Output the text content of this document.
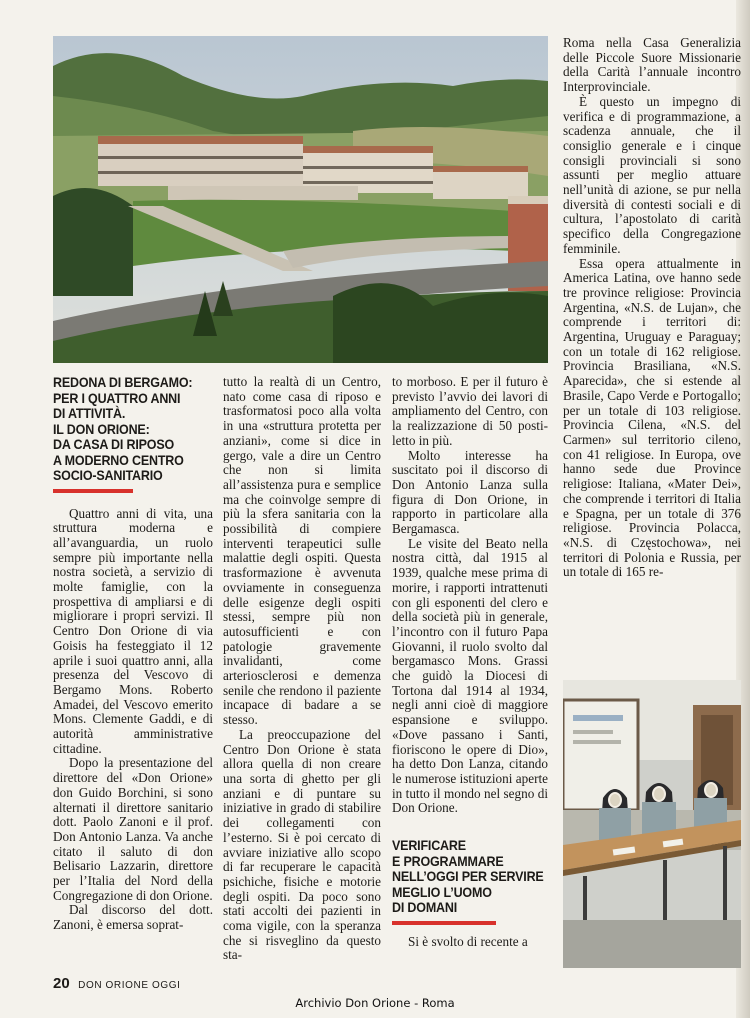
REDONA DI BERGAMO:
PER I QUATTRO ANNI
DI ATTIVITÀ.
IL DON ORIONE:
DA CASA DI RIPOSO
A MODERNO CENTRO
SOCIO-SANITARIO

Quattro anni di vita, una struttura moderna e all’avanguardia, un ruolo sempre più importante nella nostra società, a servizio di molte famiglie, con la prospettiva di ampliarsi e di migliorare i propri servizi. Il Centro Don Orione di via Goisis ha festeggiato il 12 aprile i suoi quattro anni, alla presenza del Vescovo di Bergamo Mons. Roberto Amadei, del Vescovo emerito Mons. Clemente Gaddi, e di autorità amministrative cittadine.

Dopo la presentazione del direttore del «Don Orione» don Guido Borchini, si sono alternati il direttore sanitario dott. Paolo Zanoni e il prof. Don Antonio Lanza. Va anche citato il saluto di don Belisario Lazzarin, direttore per l’Italia del Nord della Congregazione di don Orione.

Dal discorso del dott. Zanoni, è emersa soprat-

tutto la realtà di un Centro, nato come casa di riposo e trasformatosi poco alla volta in una «struttura protetta per anziani», come si dice in gergo, vale a dire un Centro che non si limita all’assistenza pura e semplice ma che coinvolge sempre di più la sfera sanitaria con la possibilità di compiere interventi terapeutici sulle malattie degli ospiti. Questa trasformazione è avvenuta ovviamente in conseguenza delle esigenze degli ospiti stessi, sempre più non autosufficienti e con patologie gravemente invalidanti, come arteriosclerosi e demenza senile che rendono il paziente incapace di badare a se stesso.

La preoccupazione del Centro Don Orione è stata allora quella di non creare una sorta di ghetto per gli anziani e di puntare su iniziative in grado di stabilire dei collegamenti con l’esterno. Si è poi cercato di avviare iniziative allo scopo di far recuperare le capacità psichiche, fisiche e motorie degli ospiti. Da poco sono stati accolti dei pazienti in coma vigile, con la speranza che si risveglino da questo sta-

to morboso. E per il futuro è previsto l’avvio dei lavori di ampliamento del Centro, con la realizzazione di 50 posti-letto in più.

Molto interesse ha suscitato poi il discorso di Don Antonio Lanza sulla figura di Don Orione, in rapporto in particolare alla Bergamasca.

Le visite del Beato nella nostra città, dal 1915 al 1939, qualche mese prima di morire, i rapporti intrattenuti con gli esponenti del clero e della società più in generale, l’incontro con il futuro Papa Giovanni, il ruolo svolto dal bergamasco Mons. Grassi che guidò la Diocesi di Tortona dal 1914 al 1934, negli anni cioè di maggiore espansione e sviluppo. «Dove passano i Santi, fioriscono le opere di Dio», ha detto Don Lanza, citando le numerose istituzioni aperte in tutto il mondo nel segno di Don Orione.

VERIFICARE
E PROGRAMMARE
NELL’OGGI PER SERVIRE
MEGLIO L’UOMO
DI DOMANI

Si è svolto di recente a

Roma nella Casa Generalizia delle Piccole Suore Missionarie della Carità l’annuale incontro Interprovinciale.

È questo un impegno di verifica e di programmazione, a scadenza annuale, che il consiglio generale e i cinque consigli provinciali si sono assunti per meglio attuare nell’unità di azione, se pur nella diversità di contesti sociali e di cultura, l’apostolato di carità specifico della Congregazione femminile.

Essa opera attualmente in America Latina, ove hanno sede tre province religiose: Provincia Argentina, «N.S. de Lujan», che comprende i territori di: Argentina, Uruguay e Paraguay; con un totale di 162 religiose. Provincia Brasiliana, «N.S. Aparecida», che si estende al Brasile, Capo Verde e Portogallo; per un totale di 103 religiose. Provincia Cilena, «N.S. del Carmen» sul territorio cileno, con 41 religiose. In Europa, ove hanno sede due Province religiose: Italiana, «Mater Dei», che comprende i territori di Italia e Spagna, per un totale di 376 religiose. Provincia Polacca, «N.S. di Częstochowa», nei territori di Polonia e Russia, per un totale di 165 re-

20 DON ORIONE OGGI
Archivio Don Orione - Roma
